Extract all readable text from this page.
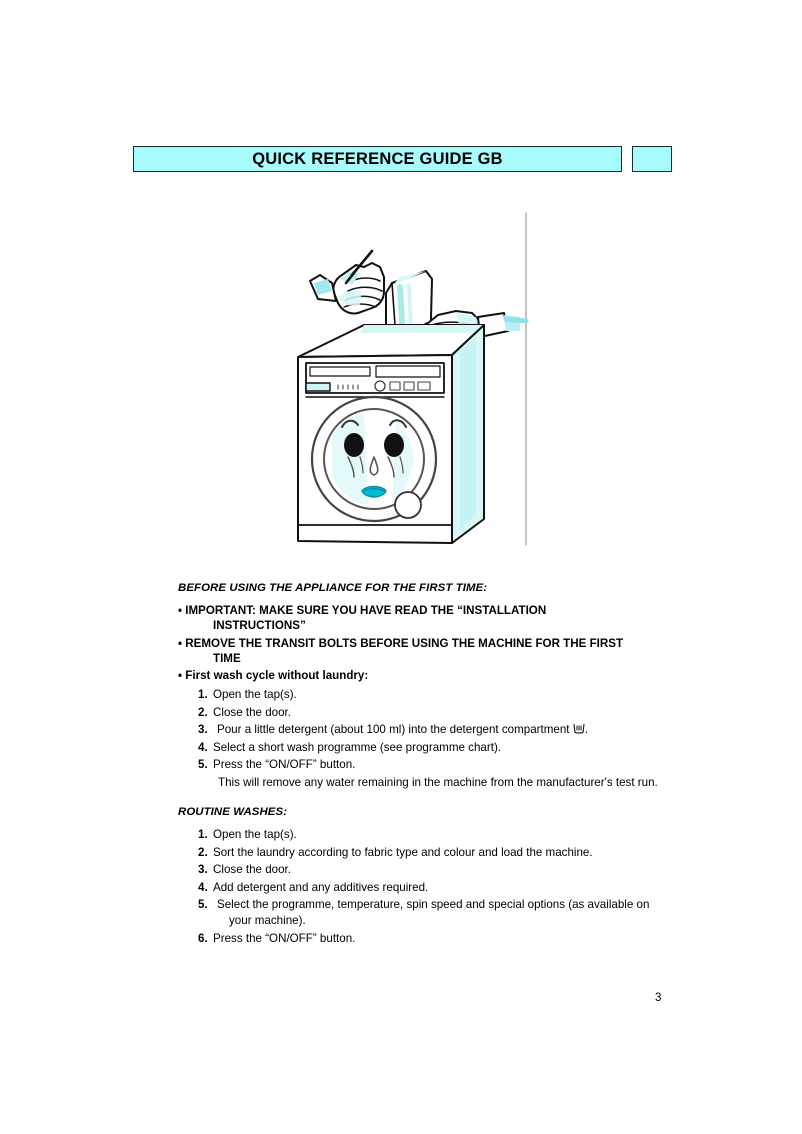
QUICK REFERENCE GUIDE GB

BEFORE USING THE APPLIANCE FOR THE FIRST TIME:

• IMPORTANT: MAKE SURE YOU HAVE READ THE “INSTALLATION
INSTRUCTIONS”
• REMOVE THE TRANSIT BOLTS BEFORE USING THE MACHINE FOR THE FIRST
TIME
• First wash cycle without laundry:
1. Open the tap(s).
2. Close the door.
3. Pour a little detergent (about 100 ml) into the detergent compartment .
4. Select a short wash programme (see programme chart).
5. Press the “ON/OFF” button.
This will remove any water remaining in the machine from the manufacturer's test run.

ROUTINE WASHES:

1. Open the tap(s).
2. Sort the laundry according to fabric type and colour and load the machine.
3. Close the door.
4. Add detergent and any additives required.
5. Select the programme, temperature, spin speed and special options (as available on
your machine).
6. Press the “ON/OFF” button.
3
